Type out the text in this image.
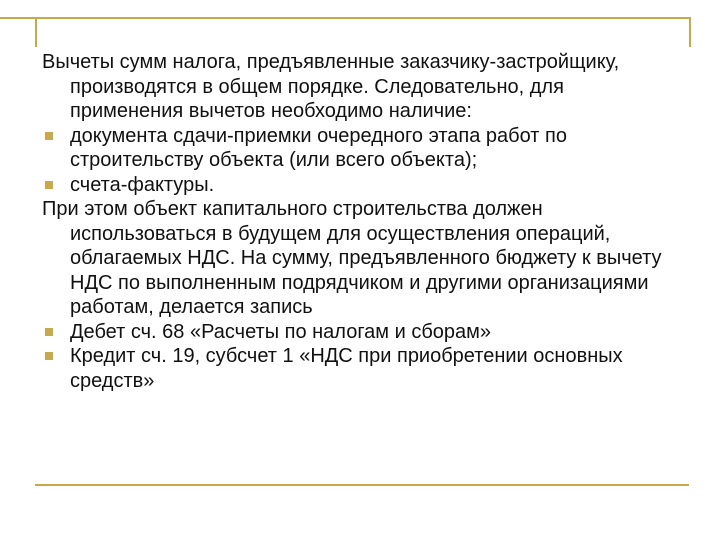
Вычеты сумм налога, предъявленные заказчику-застройщику, производятся в общем порядке. Следовательно, для применения вычетов необходимо наличие:

документа сдачи-приемки очередного этапа работ по строительству объекта (или всего объекта);
счета-фактуры.

При этом объект капитального строительства должен использоваться в будущем для осуществления операций, облагаемых НДС. На сумму, предъявленного бюджету к вычету НДС по выполненным подрядчиком и другими организациями работам, делается запись

Дебет сч. 68 «Расчеты по налогам и сборам»
Кредит сч. 19, субсчет 1 «НДС при приобретении основных средств»
